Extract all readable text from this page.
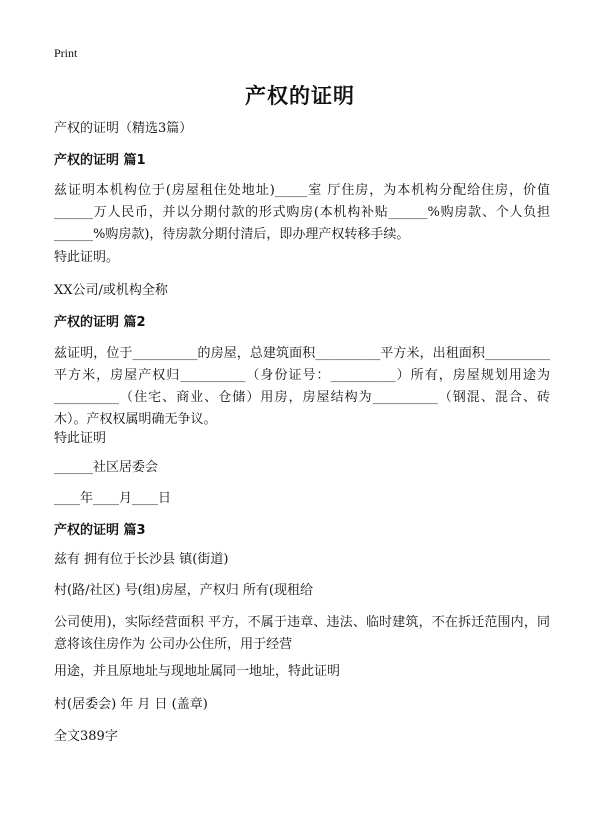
Print
产权的证明
产权的证明（精选3篇）
产权的证明 篇1
兹证明本机构位于(房屋租住处地址)_____室 厅住房，为本机构分配给住房，价值______万人民币，并以分期付款的形式购房(本机构补贴______%购房款、个人负担______%购房款)，待房款分期付清后，即办理产权转移手续。
特此证明。
XX公司/或机构全称
产权的证明 篇2
兹证明，位于__________的房屋，总建筑面积__________平方米，出租面积__________平方米，房屋产权归__________（身份证号：__________）所有，房屋规划用途为__________（住宅、商业、仓储）用房，房屋结构为__________（钢混、混合、砖木）。产权权属明确无争议。
特此证明
______社区居委会
____年____月____日
产权的证明 篇3
兹有 拥有位于长沙县 镇(街道)
村(路/社区) 号(组)房屋，产权归 所有(现租给
公司使用)，实际经营面积 平方，不属于违章、违法、临时建筑，不在拆迁范围内，同意将该住房作为 公司办公住所，用于经营
用途，并且原地址与现地址属同一地址，特此证明
村(居委会) 年 月 日 (盖章)
全文389字
